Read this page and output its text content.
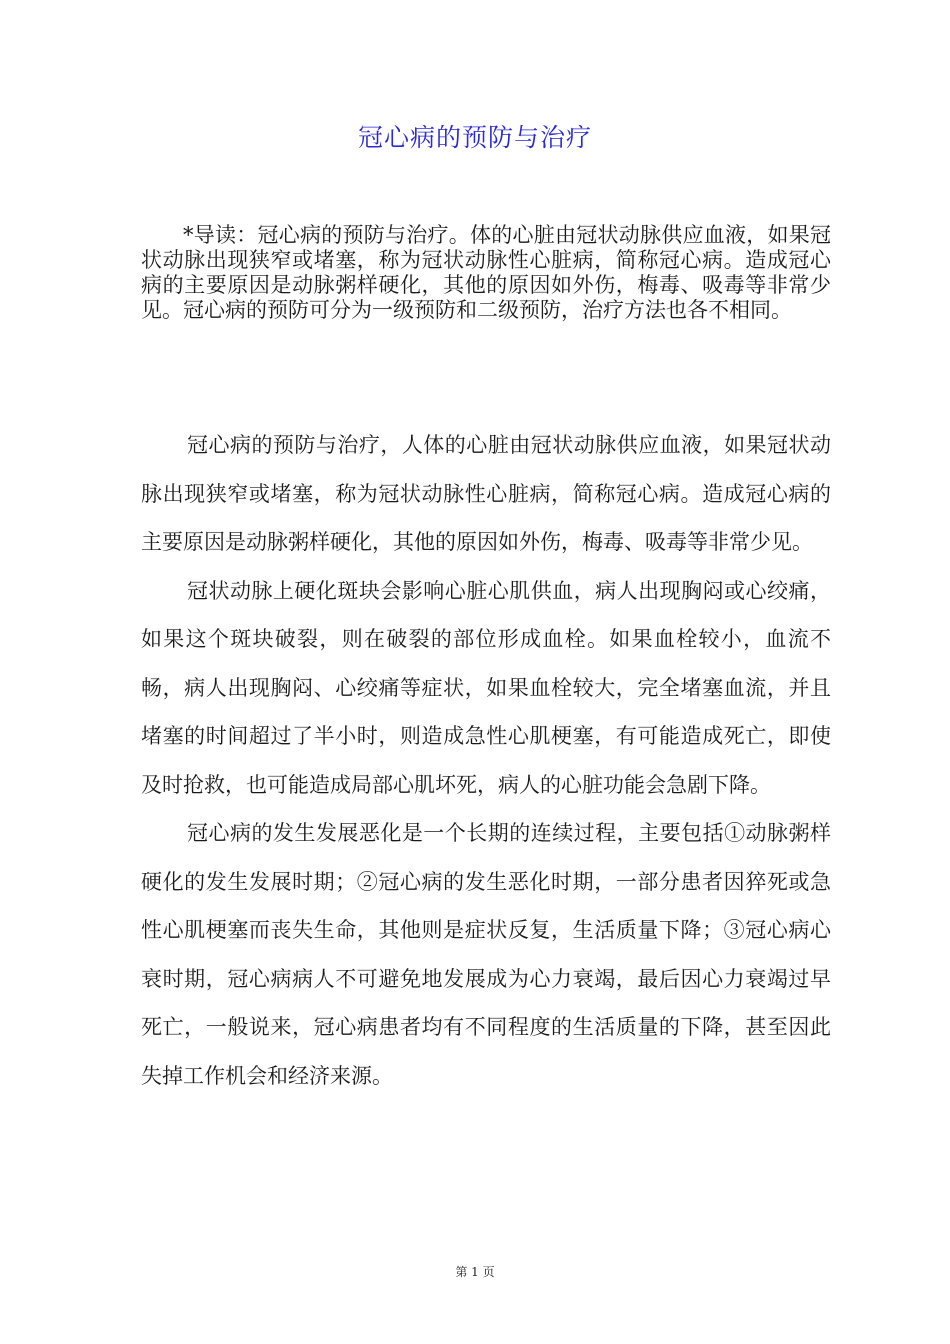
冠心病的预防与治疗

*导读：冠心病的预防与治疗。体的心脏由冠状动脉供应血液，如果冠状动脉出现狭窄或堵塞，称为冠状动脉性心脏病，简称冠心病。造成冠心病的主要原因是动脉粥样硬化，其他的原因如外伤，梅毒、吸毒等非常少见。冠心病的预防可分为一级预防和二级预防，治疗方法也各不相同。

冠心病的预防与治疗，人体的心脏由冠状动脉供应血液，如果冠状动脉出现狭窄或堵塞，称为冠状动脉性心脏病，简称冠心病。造成冠心病的主要原因是动脉粥样硬化，其他的原因如外伤，梅毒、吸毒等非常少见。

冠状动脉上硬化斑块会影响心脏心肌供血，病人出现胸闷或心绞痛，如果这个斑块破裂，则在破裂的部位形成血栓。如果血栓较小，血流不畅，病人出现胸闷、心绞痛等症状，如果血栓较大，完全堵塞血流，并且堵塞的时间超过了半小时，则造成急性心肌梗塞，有可能造成死亡，即使及时抢救，也可能造成局部心肌坏死，病人的心脏功能会急剧下降。

冠心病的发生发展恶化是一个长期的连续过程，主要包括①动脉粥样硬化的发生发展时期；②冠心病的发生恶化时期，一部分患者因猝死或急性心肌梗塞而丧失生命，其他则是症状反复，生活质量下降；③冠心病心衰时期，冠心病病人不可避免地发展成为心力衰竭，最后因心力衰竭过早死亡，一般说来，冠心病患者均有不同程度的生活质量的下降，甚至因此失掉工作机会和经济来源。

第 1 页
